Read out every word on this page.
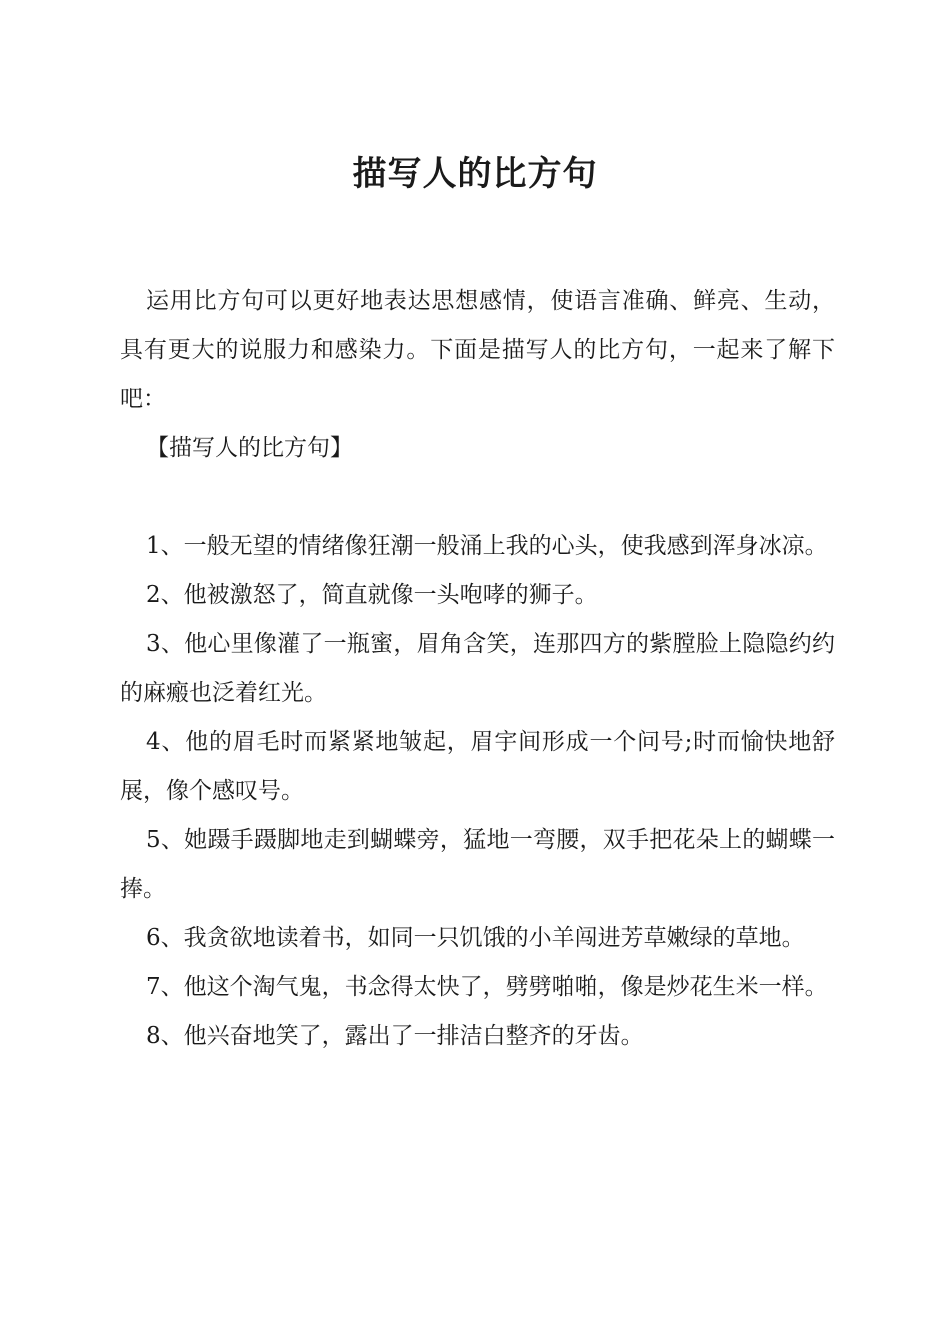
描写人的比方句

运用比方句可以更好地表达思想感情，使语言准确、鲜亮、生动，具有更大的说服力和感染力。下面是描写人的比方句，一起来了解下吧：

【描写人的比方句】

1、一般无望的情绪像狂潮一般涌上我的心头，使我感到浑身冰凉。

2、他被激怒了，简直就像一头咆哮的狮子。

3、他心里像灌了一瓶蜜，眉角含笑，连那四方的紫膛脸上隐隐约约的麻瘢也泛着红光。

4、他的眉毛时而紧紧地皱起，眉宇间形成一个问号;时而愉快地舒展，像个感叹号。

5、她蹑手蹑脚地走到蝴蝶旁，猛地一弯腰，双手把花朵上的蝴蝶一捧。

6、我贪欲地读着书，如同一只饥饿的小羊闯进芳草嫩绿的草地。

7、他这个淘气鬼，书念得太快了，劈劈啪啪，像是炒花生米一样。

8、他兴奋地笑了，露出了一排洁白整齐的牙齿。
